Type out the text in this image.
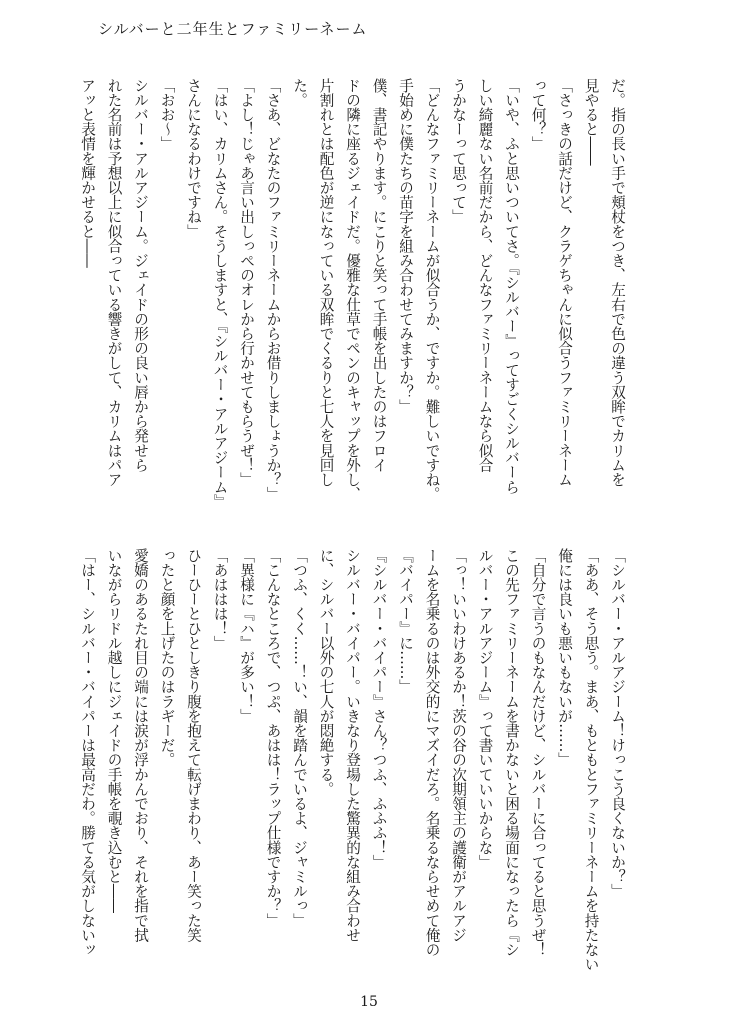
シルバーと二年生とファミリーネーム

だ。指の長い手で頬杖をつき、左右で色の違う双眸でカリムを

見やると――

「さっきの話だけど、クラゲちゃんに似合うファミリーネーム

って何？」

「いや、ふと思いついてさ。『シルバー』ってすごくシルバーら

しい綺麗ない名前だから、どんなファミリーネームなら似合

うかなーって思って」

「どんなファミリーネームが似合うか、ですか。難しいですね。

手始めに僕たちの苗字を組み合わせてみますか？」

僕、書記やります。にこりと笑って手帳を出したのはフロイ

ドの隣に座るジェイドだ。優雅な仕草でペンのキャップを外し、

片割れとは配色が逆になっている双眸でくるりと七人を見回し

た。

「さあ、どなたのファミリーネームからお借りしましょうか？」

「よし！じゃあ言い出しっぺのオレから行かせてもらうぜ！」

「はい、カリムさん。そうしますと、『シルバー・アルアジーム』

さんになるわけですね」

「おお～」

シルバー・アルアジーム。ジェイドの形の良い唇から発せら

れた名前は予想以上に似合っている響きがして、カリムはパア

アッと表情を輝かせると――

「シルバー・アルアジーム！けっこう良くないか？」

「ああ、そう思う。まあ、もともとファミリーネームを持たない

俺には良いも悪いもないが……」

「自分で言うのもなんだけど、シルバーに合ってると思うぜ！

この先ファミリーネームを書かないと困る場面になったら『シ

ルバー・アルアジーム』って書いていいからな」

「っ！いいわけあるか！茨の谷の次期領主の護衛がアルアジ

ームを名乗るのは外交的にマズイだろ。名乗るならせめて俺の

『バイパー』に……」

『シルバー・バイパー』さん？つふ、ふふふ！」

シルバー・バイパー。いきなり登場した驚異的な組み合わせ

に、シルバー以外の七人が悶絶する。

「つふ、くく……！い、韻を踏んでいるよ、ジャミルっ」

「こんなところで、つぷ、あはは！ラップ仕様ですか？」

「異様に『ハ』が多い！」

「あははは！」

ひーひーとひとしきり腹を抱えて転げまわり、あー笑った笑

ったと顔を上げたのはラギーだ。

愛嬌のあるたれ目の端には涙が浮かんでおり、それを指で拭

いながらリドル越しにジェイドの手帳を覗き込むと――

「はー、シルバー・バイパーは最高だわ。勝てる気がしないッ

15
